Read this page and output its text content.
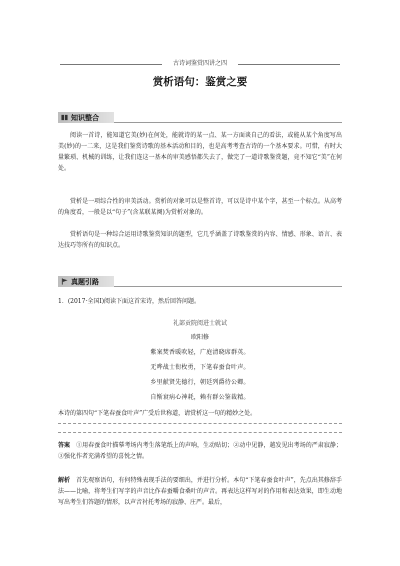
古诗词鉴赏四讲之四
赏析语句：鉴赏之要
知识整合
阅读一首诗，能知道它美(妙)在何处，能就诗的某一点、某一方面谈自己的看法，或能从某个角度写出美(妙)的一二来，这是我们鉴赏诗歌的基本活动和目的，也是高考考查古诗的一个基本要求。可惜，有时大量繁琐、机械的训练，让我们连这一基本的审美感悟都失去了，做完了一道诗歌鉴赏题，竟不知它“美”在何处。
赏析是一项综合性的审美活动。赏析的对象可以是整首诗，可以是诗中某个字，甚至一个标点。从高考的角度看，一般是以“句子”(含某联某阕)为赏析对象的。
赏析语句是一种综合运用诗歌鉴赏知识的题型，它几乎涵盖了诗歌鉴赏的内容、情感、形象、语言、表达技巧等所有的知识点。
真题引路
1．(2017·全国Ⅰ)阅读下面这首宋诗，然后回答问题。
礼部贡院阅进士就试
欧阳修
紫案焚香暖吹轻，广庭清晓席群英。
无哗战士衔枚勇，下笔春蚕食叶声。
乡里献贤先德行，朝廷列爵待公卿。
自惭衰病心神耗，赖有群公鉴裁精。
本诗的第四句“下笔春蚕食叶声”广受后世称道，请赏析这一句的精妙之处。
答案 ①用春蚕食叶描摹考场内考生落笔纸上的声响，生动贴切；②动中见静，越发见出考场的严肃寂静；③强化作者充满希望的喜悦之情。
解析 首先观察语句，有何特殊表现手法的要细出，并进行分析。本句“下笔春蚕食叶声”，先点出其修辞手法——比喻，将考生们写字的声音比作春蚕嚼食桑叶的声音。再表达这样写对的作用和表达效果，即生动地写出考生们答题的情形，以声音衬托考场的寂静、庄严。最后，
